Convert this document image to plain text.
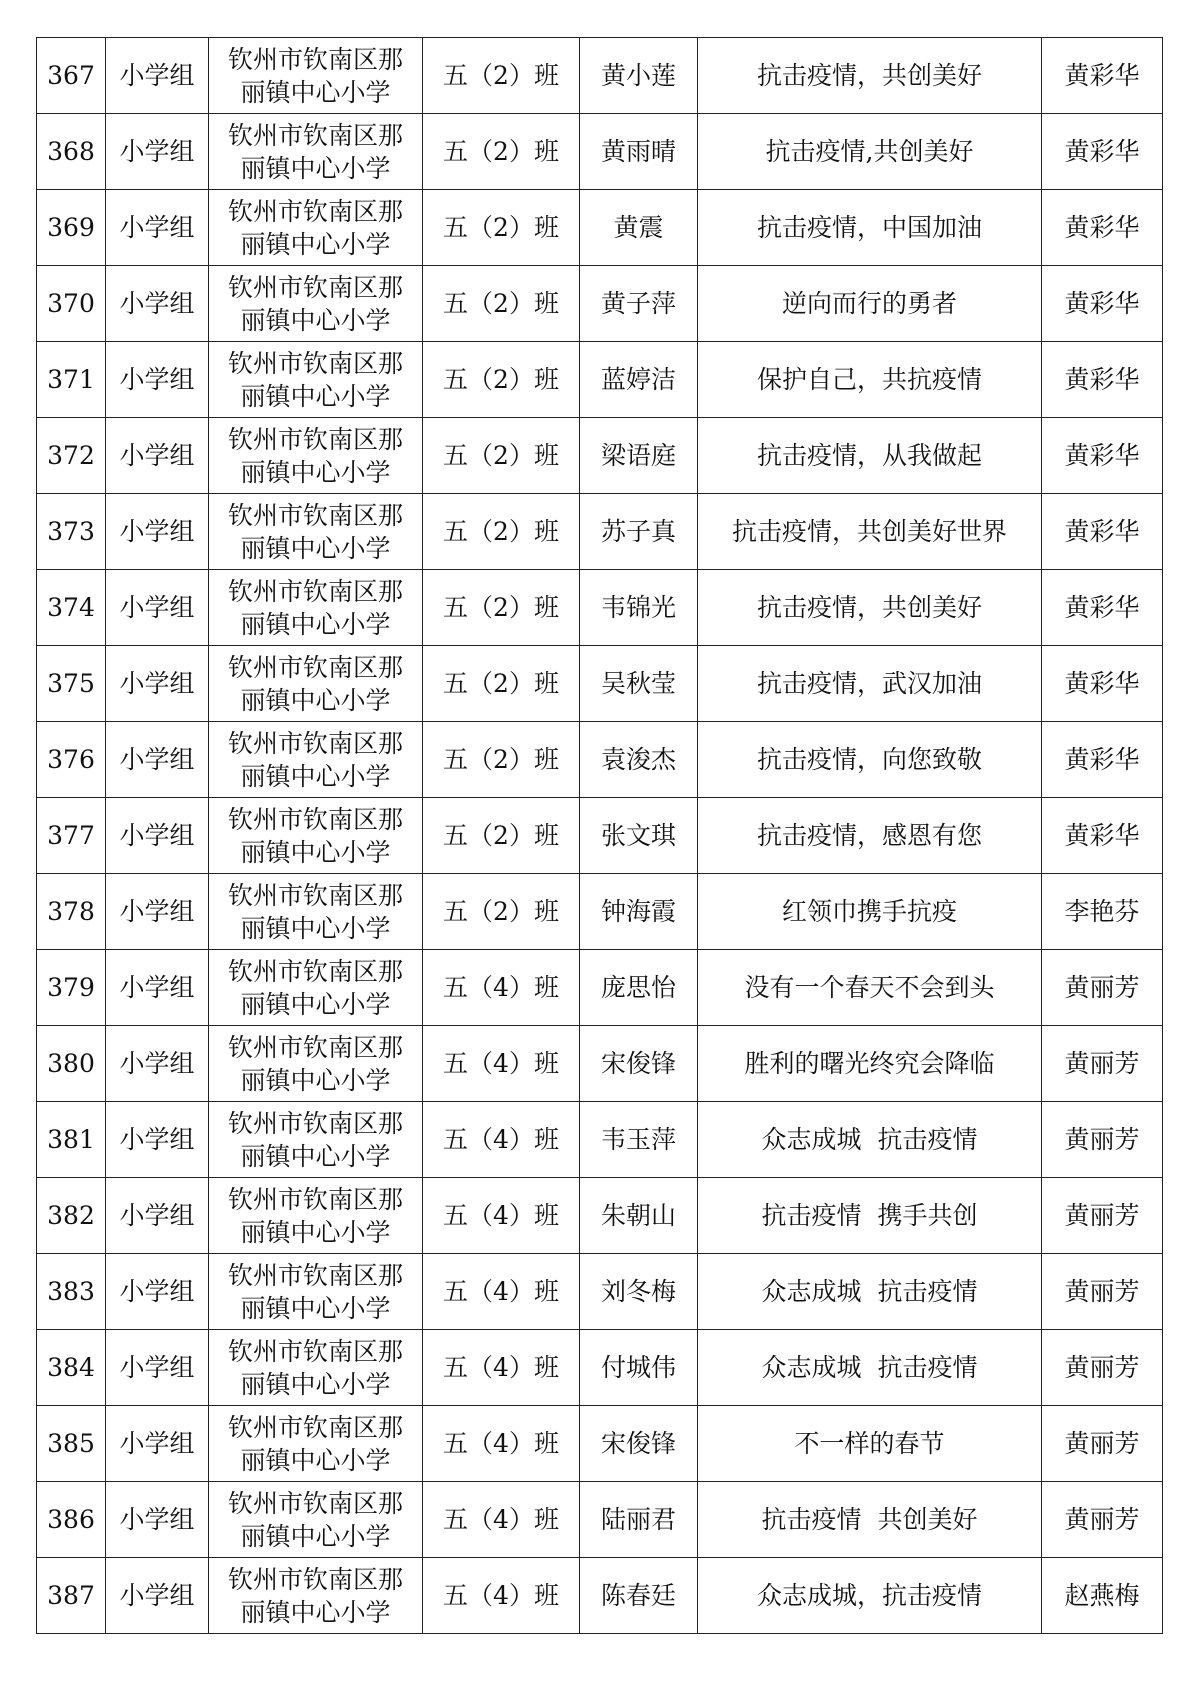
367	小学组	钦州市钦南区那
丽镇中心小学	五（2）班	黄小莲	抗击疫情，共创美好	黄彩华
368	小学组	钦州市钦南区那
丽镇中心小学	五（2）班	黄雨晴	抗击疫情,共创美好	黄彩华
369	小学组	钦州市钦南区那
丽镇中心小学	五（2）班	黄震	抗击疫情，中国加油	黄彩华
370	小学组	钦州市钦南区那
丽镇中心小学	五（2）班	黄子萍	逆向而行的勇者	黄彩华
371	小学组	钦州市钦南区那
丽镇中心小学	五（2）班	蓝婷洁	保护自己，共抗疫情	黄彩华
372	小学组	钦州市钦南区那
丽镇中心小学	五（2）班	梁语庭	抗击疫情，从我做起	黄彩华
373	小学组	钦州市钦南区那
丽镇中心小学	五（2）班	苏子真	抗击疫情，共创美好世界	黄彩华
374	小学组	钦州市钦南区那
丽镇中心小学	五（2）班	韦锦光	抗击疫情，共创美好	黄彩华
375	小学组	钦州市钦南区那
丽镇中心小学	五（2）班	吴秋莹	抗击疫情，武汉加油	黄彩华
376	小学组	钦州市钦南区那
丽镇中心小学	五（2）班	袁浚杰	抗击疫情，向您致敬	黄彩华
377	小学组	钦州市钦南区那
丽镇中心小学	五（2）班	张文琪	抗击疫情，感恩有您	黄彩华
378	小学组	钦州市钦南区那
丽镇中心小学	五（2）班	钟海霞	红领巾携手抗疫	李艳芬
379	小学组	钦州市钦南区那
丽镇中心小学	五（4）班	庞思怡	没有一个春天不会到头	黄丽芳
380	小学组	钦州市钦南区那
丽镇中心小学	五（4）班	宋俊锋	胜利的曙光终究会降临	黄丽芳
381	小学组	钦州市钦南区那
丽镇中心小学	五（4）班	韦玉萍	众志成城  抗击疫情	黄丽芳
382	小学组	钦州市钦南区那
丽镇中心小学	五（4）班	朱朝山	抗击疫情  携手共创	黄丽芳
383	小学组	钦州市钦南区那
丽镇中心小学	五（4）班	刘冬梅	众志成城  抗击疫情	黄丽芳
384	小学组	钦州市钦南区那
丽镇中心小学	五（4）班	付城伟	众志成城  抗击疫情	黄丽芳
385	小学组	钦州市钦南区那
丽镇中心小学	五（4）班	宋俊锋	不一样的春节	黄丽芳
386	小学组	钦州市钦南区那
丽镇中心小学	五（4）班	陆丽君	抗击疫情  共创美好	黄丽芳
387	小学组	钦州市钦南区那
丽镇中心小学	五（4）班	陈春廷	众志成城，抗击疫情	赵燕梅
